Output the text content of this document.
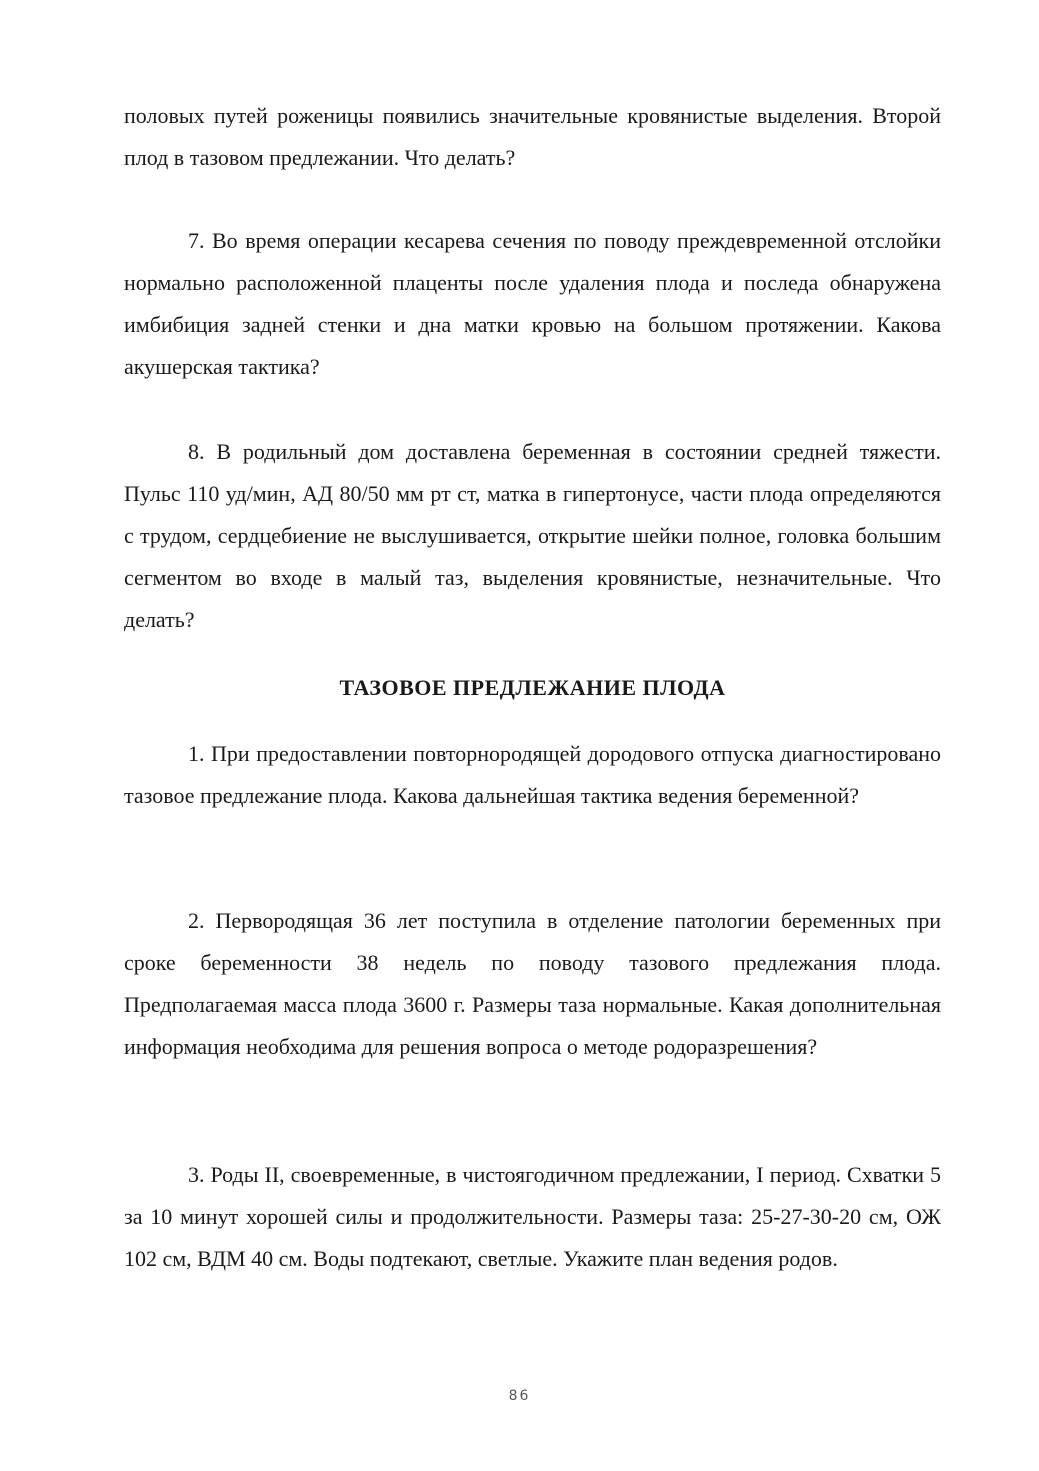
половых путей роженицы появились значительные кровянистые выделения. Второй плод в тазовом предлежании. Что делать?

7. Во время операции кесарева сечения по поводу преждевременной отслойки нормально расположенной плаценты после удаления плода и последа обнаружена имбибиция задней стенки и дна матки кровью на большом протяжении. Какова акушерская тактика?

8. В родильный дом доставлена беременная в состоянии средней тяжести. Пульс 110 уд/мин, АД 80/50 мм рт ст, матка в гипертонусе, части плода определяются с трудом, сердцебиение не выслушивается, открытие шейки полное, головка большим сегментом во входе в малый таз, выделения кровянистые, незначительные. Что делать?

ТАЗОВОЕ ПРЕДЛЕЖАНИЕ ПЛОДА

1. При предоставлении повторнородящей дородового отпуска диагностировано тазовое предлежание плода. Какова дальнейшая тактика ведения беременной?

2. Первородящая 36 лет поступила в отделение патологии беременных при сроке беременности 38 недель по поводу тазового предлежания плода. Предполагаемая масса плода 3600 г. Размеры таза нормальные. Какая дополнительная информация необходима для решения вопроса о методе родоразрешения?

3. Роды II, своевременные, в чистоягодичном предлежании, I период. Схватки 5 за 10 минут хорошей силы и продолжительности. Размеры таза: 25-27-30-20 см, ОЖ 102 см, ВДМ 40 см. Воды подтекают, светлые. Укажите план ведения родов.

86
